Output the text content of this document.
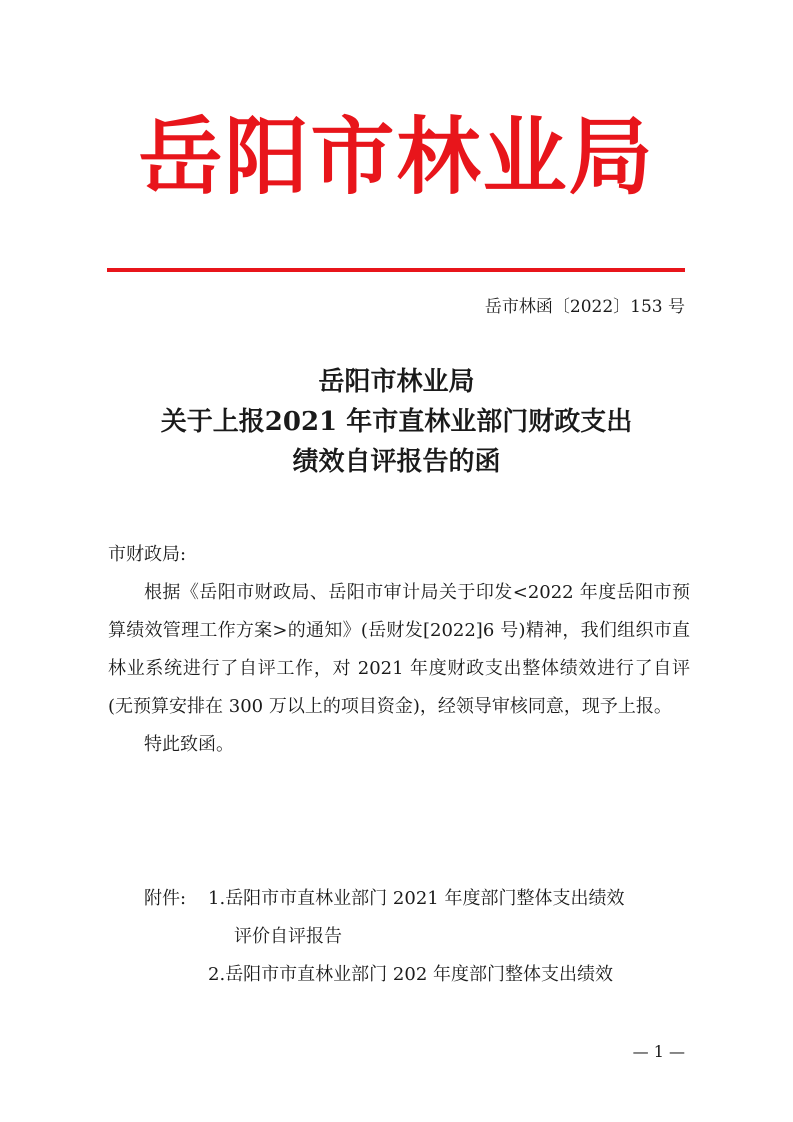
岳阳市林业局
岳市林函〔2022〕153 号
岳阳市林业局
关于上报2021 年市直林业部门财政支出
绩效自评报告的函

市财政局:

根据《岳阳市财政局、岳阳市审计局关于印发<2022 年度岳阳市预算绩效管理工作方案>的通知》(岳财发[2022]6 号)精神，我们组织市直林业系统进行了自评工作，对 2021 年度财政支出整体绩效进行了自评(无预算安排在 300 万以上的项目资金)，经领导审核同意，现予上报。

特此致函。

附件: 1.岳阳市市直林业部门 2021 年度部门整体支出绩效
评价自评报告
2.岳阳市市直林业部门 202 年度部门整体支出绩效
— 1 —
